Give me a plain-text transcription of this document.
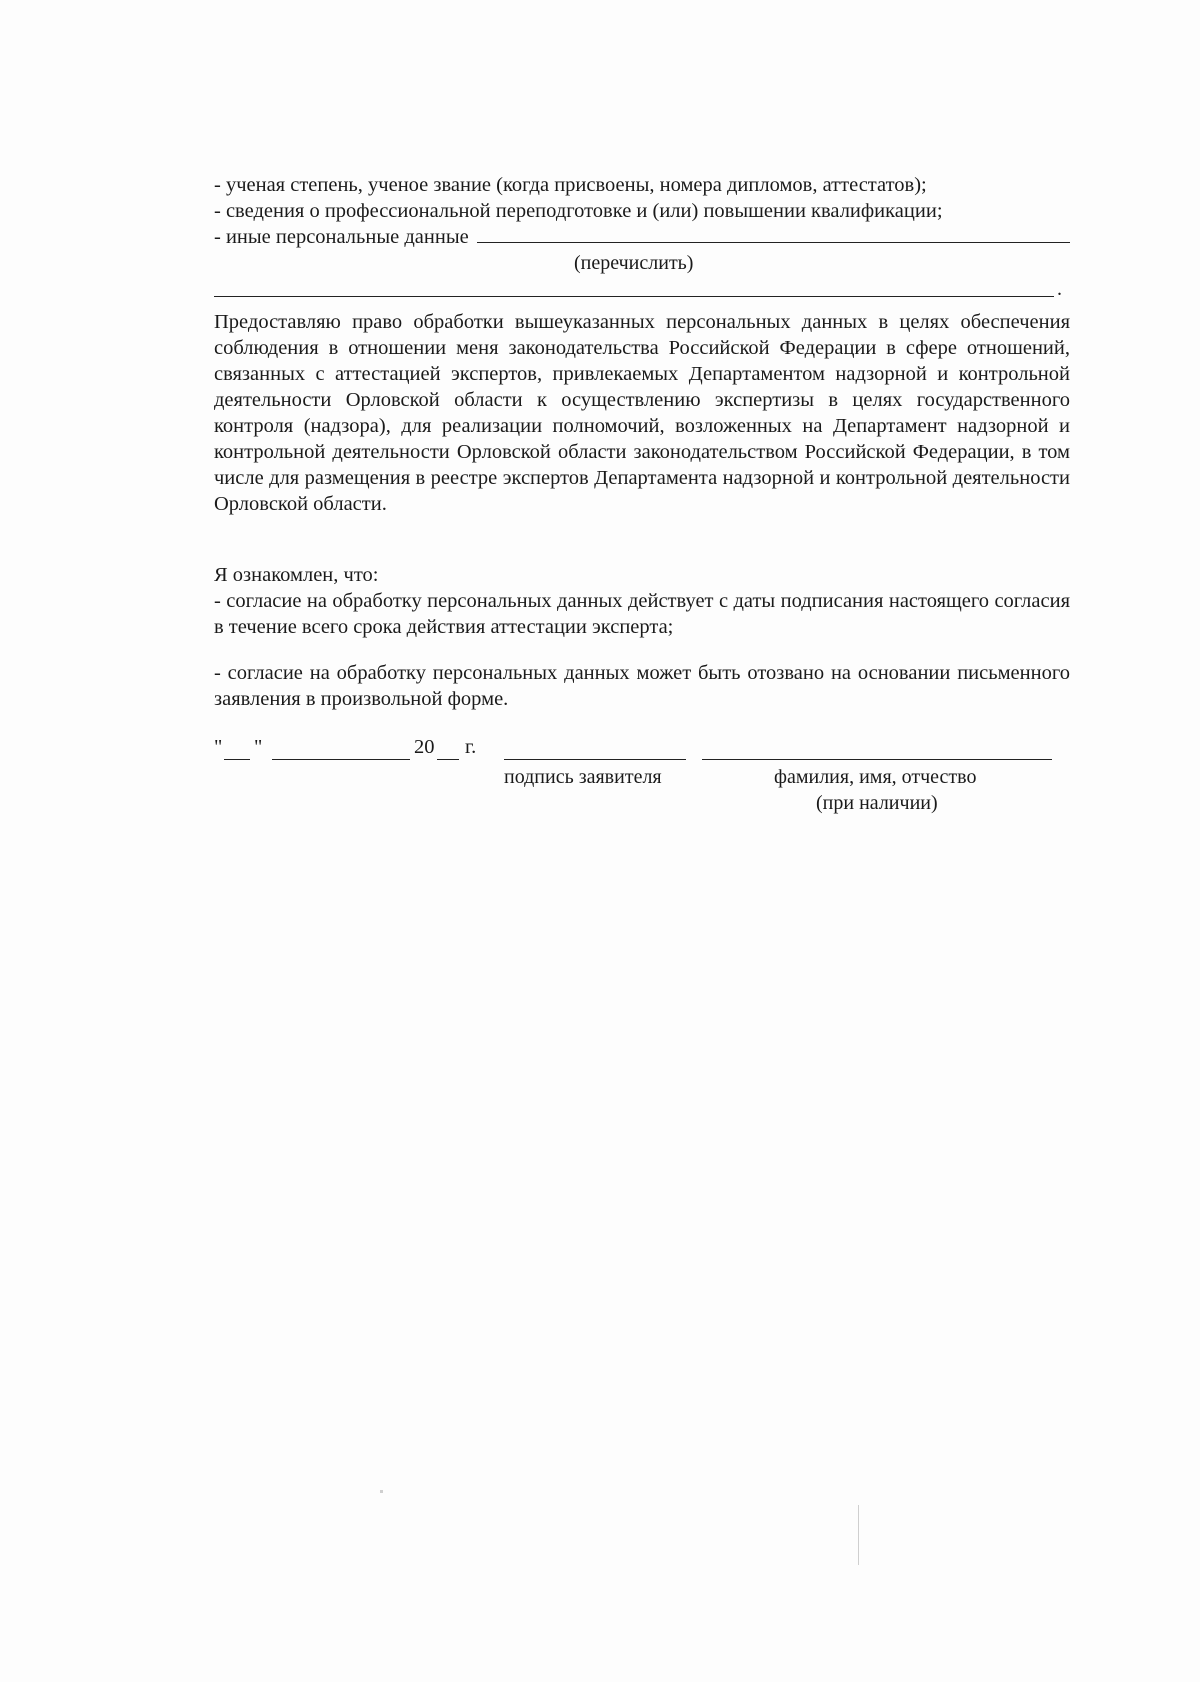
- ученая степень, ученое звание (когда присвоены, номера дипломов, аттестатов);
- сведения о профессиональной переподготовке и (или) повышении квалификации;
- иные персональные данные
(перечислить)
.

Предоставляю право обработки вышеуказанных персональных данных в целях обеспечения соблюдения в отношении меня законодательства Российской Федерации в сфере отношений, связанных с аттестацией экспертов, привлекаемых Департаментом надзорной и контрольной деятельности Орловской области к осуществлению экспертизы в целях государственного контроля (надзора), для реализации полномочий, возложенных на Департамент надзорной и контрольной деятельности Орловской области законодательством Российской Федерации, в том числе для размещения в реестре экспертов Департамента надзорной и контрольной деятельности Орловской области.

Я ознакомлен, что:

- согласие на обработку персональных данных действует с даты подписания настоящего согласия в течение всего срока действия аттестации эксперта;

- согласие на обработку персональных данных может быть отозвано на основании письменного заявления в произвольной форме.

" "	20 г.
подпись заявителя	фамилия, имя, отчество
(при наличии)
